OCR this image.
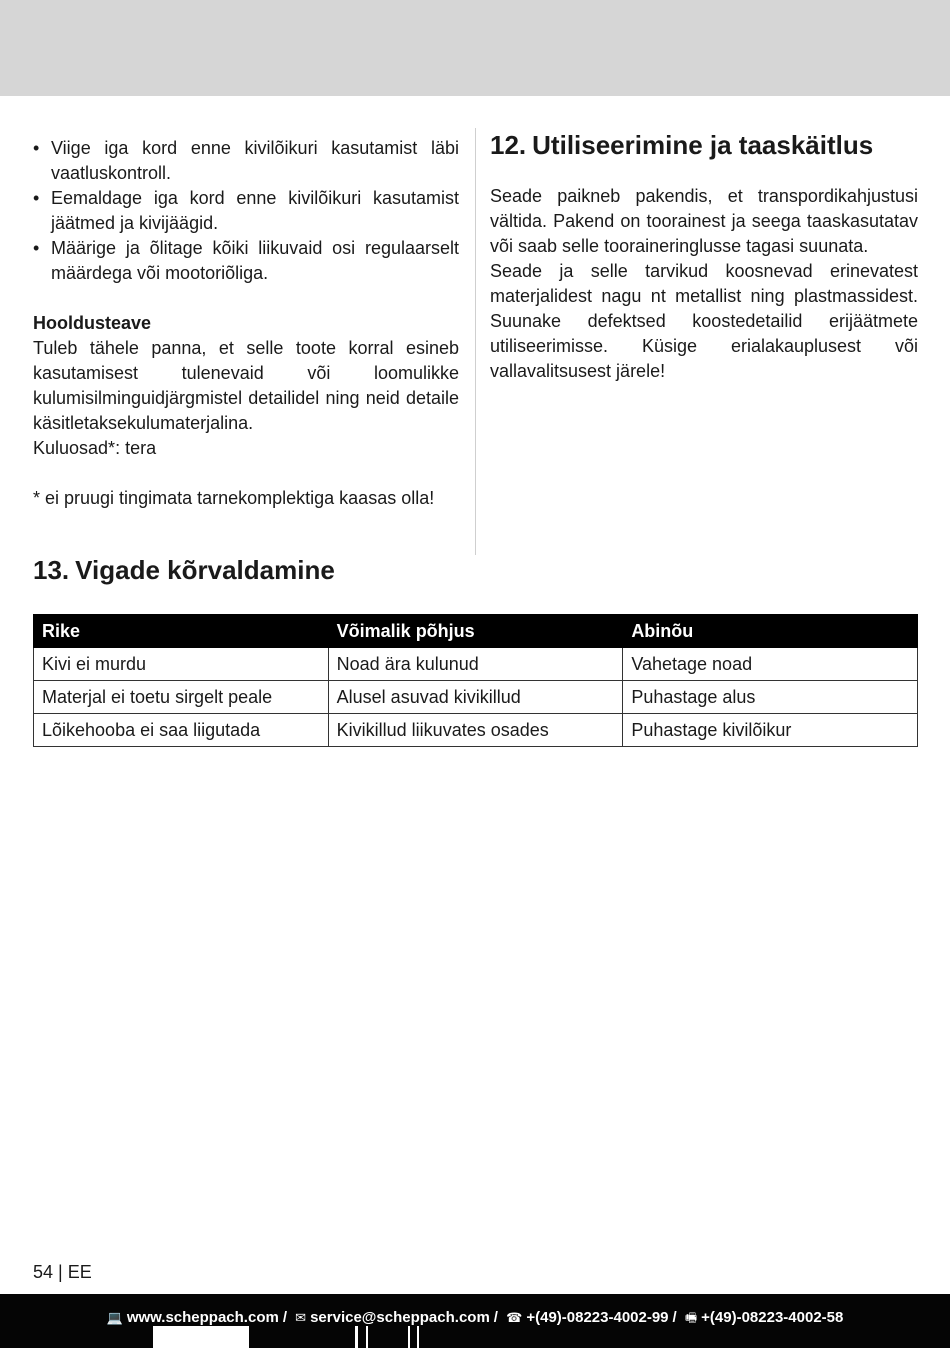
• Viige iga kord enne kivilõikuri kasutamist läbi vaatluskontroll.
• Eemaldage iga kord enne kivilõikuri kasutamist jäätmed ja kivijäägid.
• Määrige ja õlitage kõiki liikuvaid osi regulaarselt määrdega või mootoriõliga.
Hooldusteave
Tuleb tähele panna, et selle toote korral esineb kasutamisest tulenevaid või loomulikke kulumisilminguidjärgmistel detailidel ning neid detaile käsitletaksekulumaterjalina.
Kuluosad*: tera
* ei pruugi tingimata tarnekomplektiga kaasas olla!
12. Utiliseerimine ja taaskäitlus
Seade paikneb pakendis, et transpordikahjustusi vältida. Pakend on toorainest ja seega taaskasutatav või saab selle tooraineringlusse tagasi suunata.
Seade ja selle tarvikud koosnevad erinevatest materjalidest nagu nt metallist ning plastmassidest. Suunake defektsed koostedetailid erijäätmete utiliseerimisse. Küsige erialakauplusest või vallavalitsusest järele!
13. Vigade kõrvaldamine
Rike	Võimalik põhjus	Abinõu
Kivi ei murdu	Noad ära kulunud	Vahetage noad
Materjal ei toetu sirgelt peale	Alusel asuvad kivikillud	Puhastage alus
Lõikehooba ei saa liigutada	Kivikillud liikuvates osades	Puhastage kivilõikur
54 | EE
💻 www.scheppach.com / ✉ service@scheppach.com / ☎ +(49)-08223-4002-99 / 🖷 +(49)-08223-4002-58
